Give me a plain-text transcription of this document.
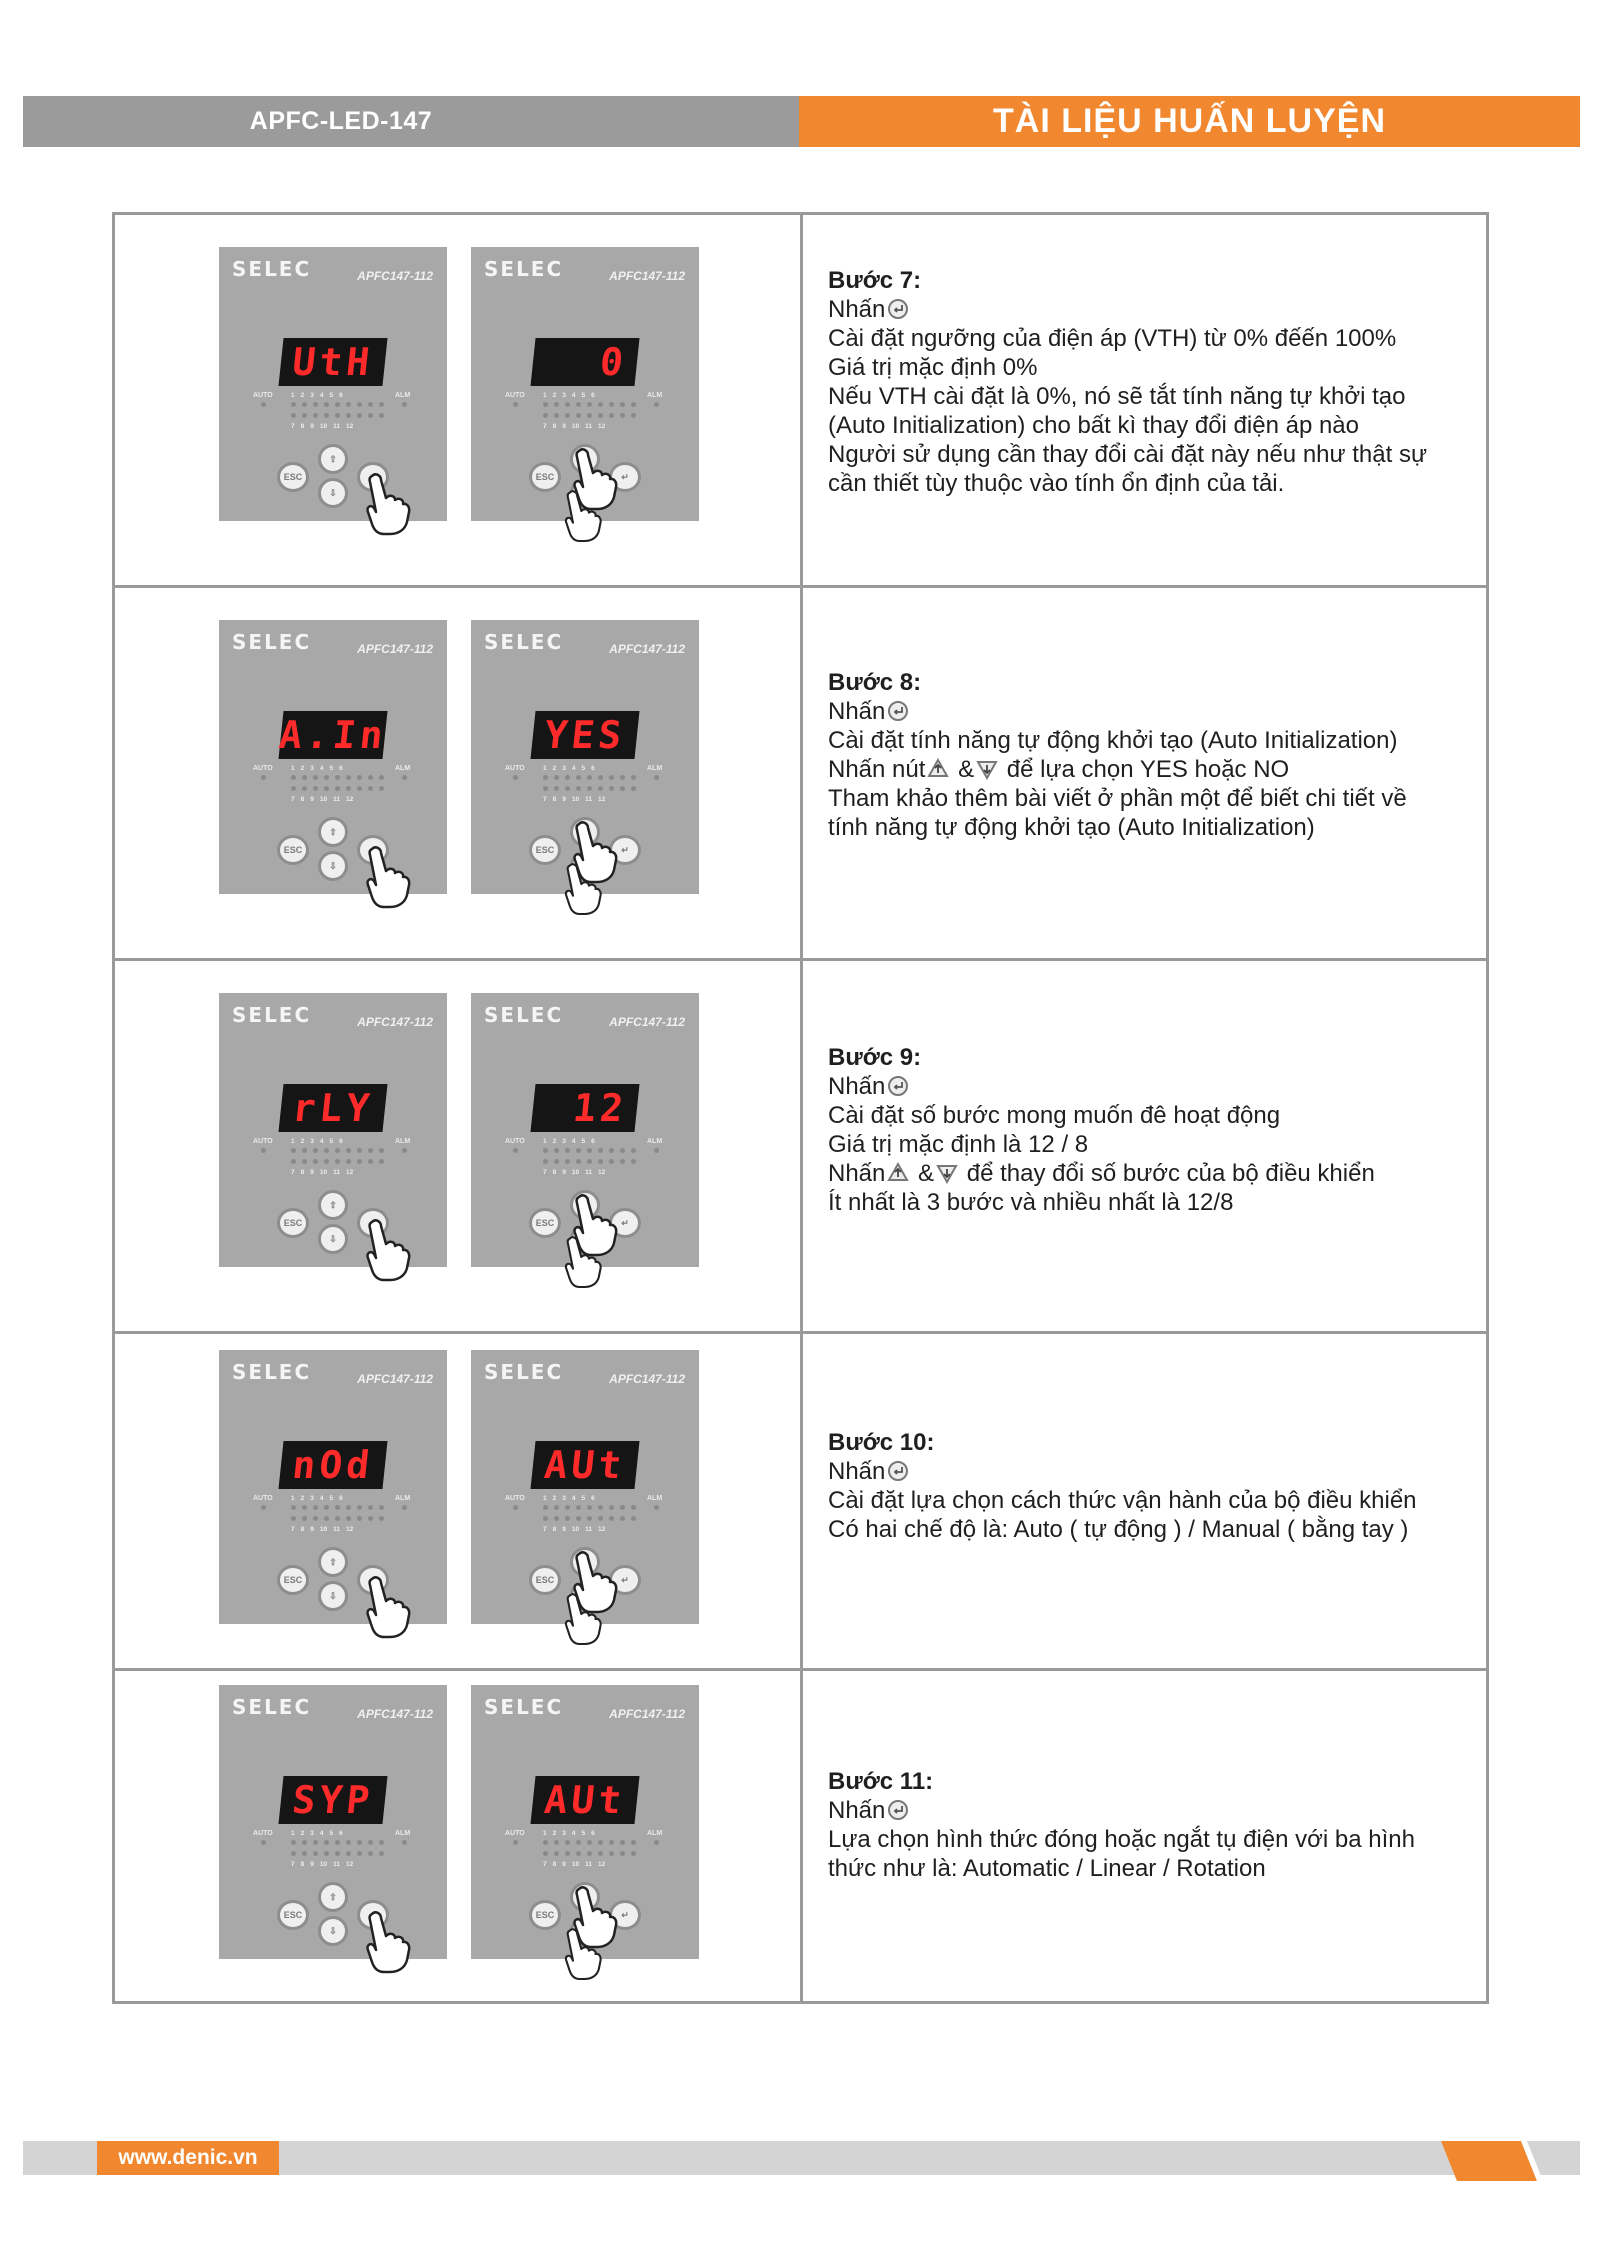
APFC-LED-147	TÀI LIỆU HUẤN LUYỆN
SELEC	APFC147-112
UtH
AUTO	ALM
1 2 3 4 5 6
7 8 9 10 11 12
ESC
⇧
⇩
SELEC	APFC147-112
0
AUTO	ALM
1 2 3 4 5 6
7 8 9 10 11 12
ESC	↵
Bước 7:
Nhấn
Cài đặt ngưỡng của điện áp (VTH) từ 0% đếến 100%
Giá trị mặc định 0%
Nếu VTH cài đặt là 0%, nó sẽ tắt tính năng tự khởi tạo
(Auto Initialization) cho bất kì thay đổi điện áp nào
Người sử dụng cần thay đổi cài đặt này nếu như thật sự
cần thiết tùy thuộc vào tính ổn định của tải.
SELEC	APFC147-112
A.In
AUTO	ALM
1 2 3 4 5 6
7 8 9 10 11 12
ESC
⇧
⇩
SELEC	APFC147-112
YES
AUTO	ALM
1 2 3 4 5 6
7 8 9 10 11 12
ESC	↵
Bước 8:
Nhấn
Cài đặt tính năng tự động khởi tạo (Auto Initialization)
Nhấn nút & để lựa chọn YES hoặc NO
Tham khảo thêm bài viết ở phần một để biết chi tiết về
tính năng tự động khởi tạo (Auto Initialization)
SELEC	APFC147-112
rLY
AUTO	ALM
1 2 3 4 5 6
7 8 9 10 11 12
ESC
⇧
⇩
SELEC	APFC147-112
12
AUTO	ALM
1 2 3 4 5 6
7 8 9 10 11 12
ESC	↵
Bước 9:
Nhấn
Cài đặt số bước mong muốn đê hoạt động
Giá trị mặc định là 12 / 8
Nhấn & để thay đổi số bước của bộ điều khiển
Ít nhất là 3 bước và nhiều nhất là 12/8
SELEC	APFC147-112
nOd
AUTO	ALM
1 2 3 4 5 6
7 8 9 10 11 12
ESC
⇧
⇩
SELEC	APFC147-112
AUt
AUTO	ALM
1 2 3 4 5 6
7 8 9 10 11 12
ESC	↵
Bước 10:
Nhấn
Cài đặt lựa chọn cách thức vận hành của bộ điều khiển
Có hai chế độ là: Auto ( tự động ) / Manual ( bằng tay )
SELEC	APFC147-112
SYP
AUTO	ALM
1 2 3 4 5 6
7 8 9 10 11 12
ESC
⇧
⇩
SELEC	APFC147-112
AUt
AUTO	ALM
1 2 3 4 5 6
7 8 9 10 11 12
ESC	↵
Bước 11:
Nhấn
Lựa chọn hình thức đóng hoặc ngắt tụ điện với ba hình
thức như là: Automatic / Linear / Rotation
www.denic.vn
